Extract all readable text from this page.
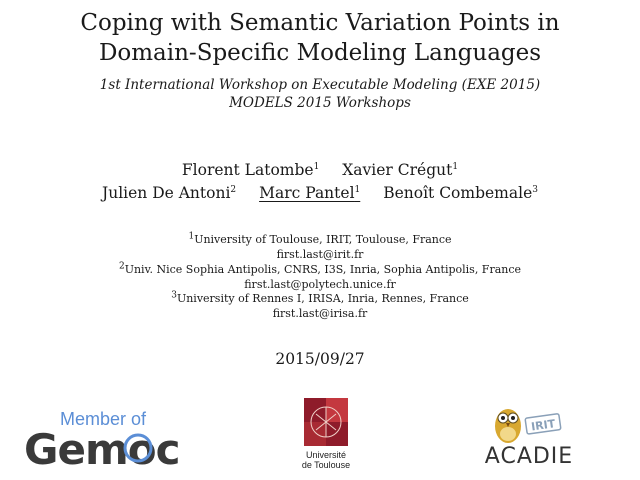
Coping with Semantic Variation Points in
Domain-Specific Modeling Languages
1st International Workshop on Executable Modeling (EXE 2015)
MODELS 2015 Workshops
Florent Latombe$^1$ Xavier Crégut$^1$
Julien De Antoni$^2$ Marc Pantel$^1$ Benoît Combemale$^3$
$^1$University of Toulouse, IRIT, Toulouse, France
first.last@irit.fr
$^2$Univ. Nice Sophia Antipolis, CNRS, I3S, Inria, Sophia Antipolis, France
first.last@polytech.unice.fr
$^3$University of Rennes I, IRISA, Inria, Rennes, France
first.last@irisa.fr
2015/09/27
Member of
Gemoc	Université
de Toulouse
IRIT
ACADIE
